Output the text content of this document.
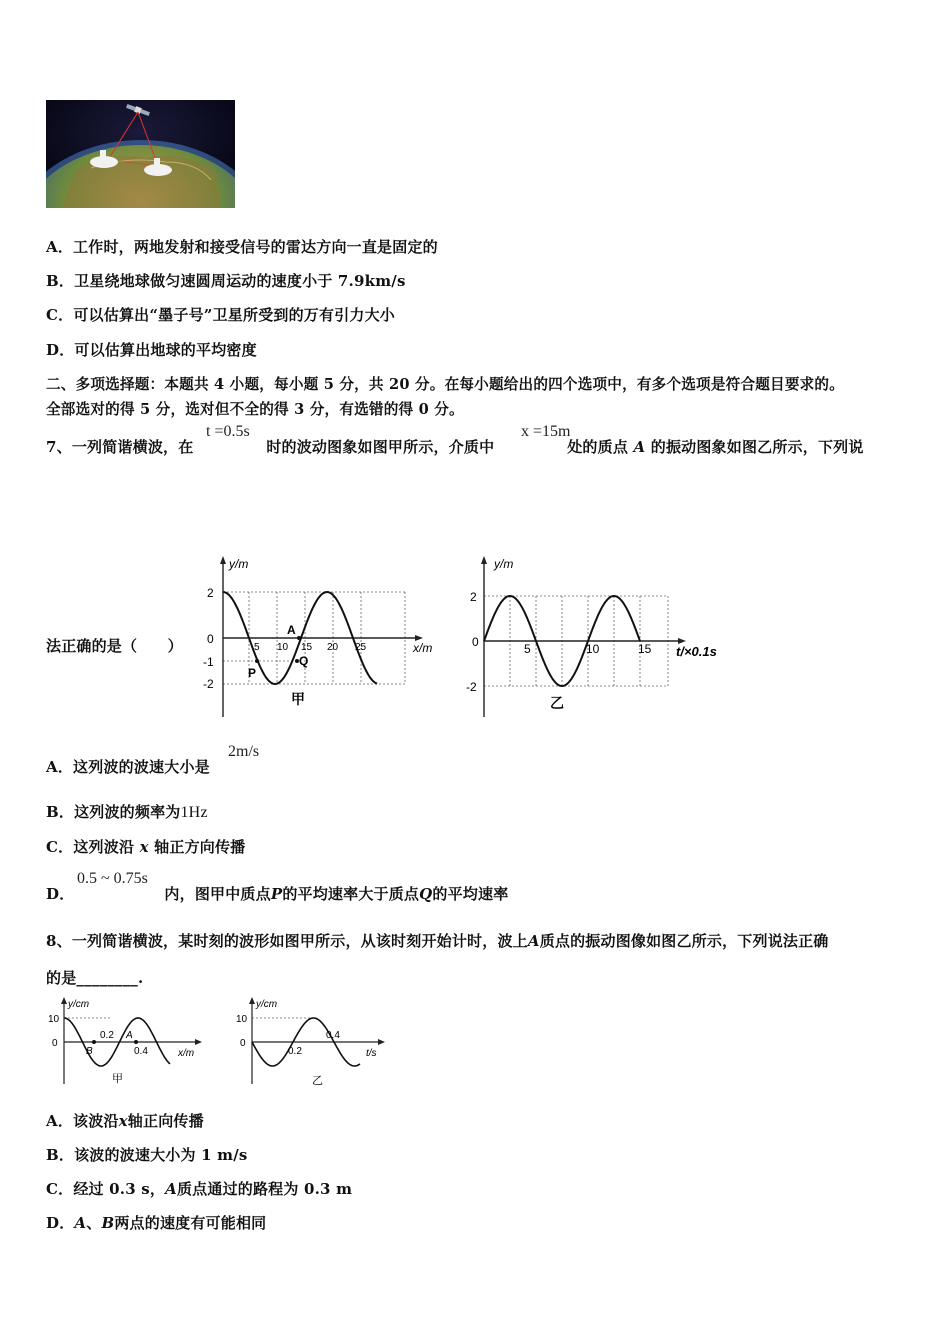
A．工作时，两地发射和接受信号的雷达方向一直是固定的
B．卫星绕地球做匀速圆周运动的速度小于 7.9km/s
C．可以估算出“墨子号”卫星所受到的万有引力大小
D．可以估算出地球的平均密度
二、多项选择题：本题共 4 小题，每小题 5 分，共 20 分。在每小题给出的四个选项中，有多个选项是符合题目要求的。
全部选对的得 5 分，选对但不全的得 3 分，有选错的得 0 分。
7、一列简谐横波，在	时的波动图象如图甲所示，介质中	处的质点 A 的振动图象如图乙所示，下列说
t =0.5s	x =15m
法正确的是（　　）
y/m
x/m
2
0
-1
-2
5 10 15 20 25
A
P
Q
甲
y/m
t/×0.1s
2
0
-2
5	10	15
乙
A．这列波的波速大小是
2m/s
B．这列波的频率为1Hz
C．这列波沿 x 轴正方向传播
D．	内，图甲中质点P的平均速率大于质点Q的平均速率
0.5 ~ 0.75s
8、一列简谐横波，某时刻的波形如图甲所示，从该时刻开始计时，波上A质点的振动图像如图乙所示，下列说法正确
的是________.
y/cm
x/m
10
0
0.2
0.4
B
A
甲
y/cm
t/s
10
0
0.2
0.4
乙
A．该波沿x轴正向传播
B．该波的波速大小为 1 m/s
C．经过 0.3 s，A质点通过的路程为 0.3 m
D．A、B两点的速度有可能相同
